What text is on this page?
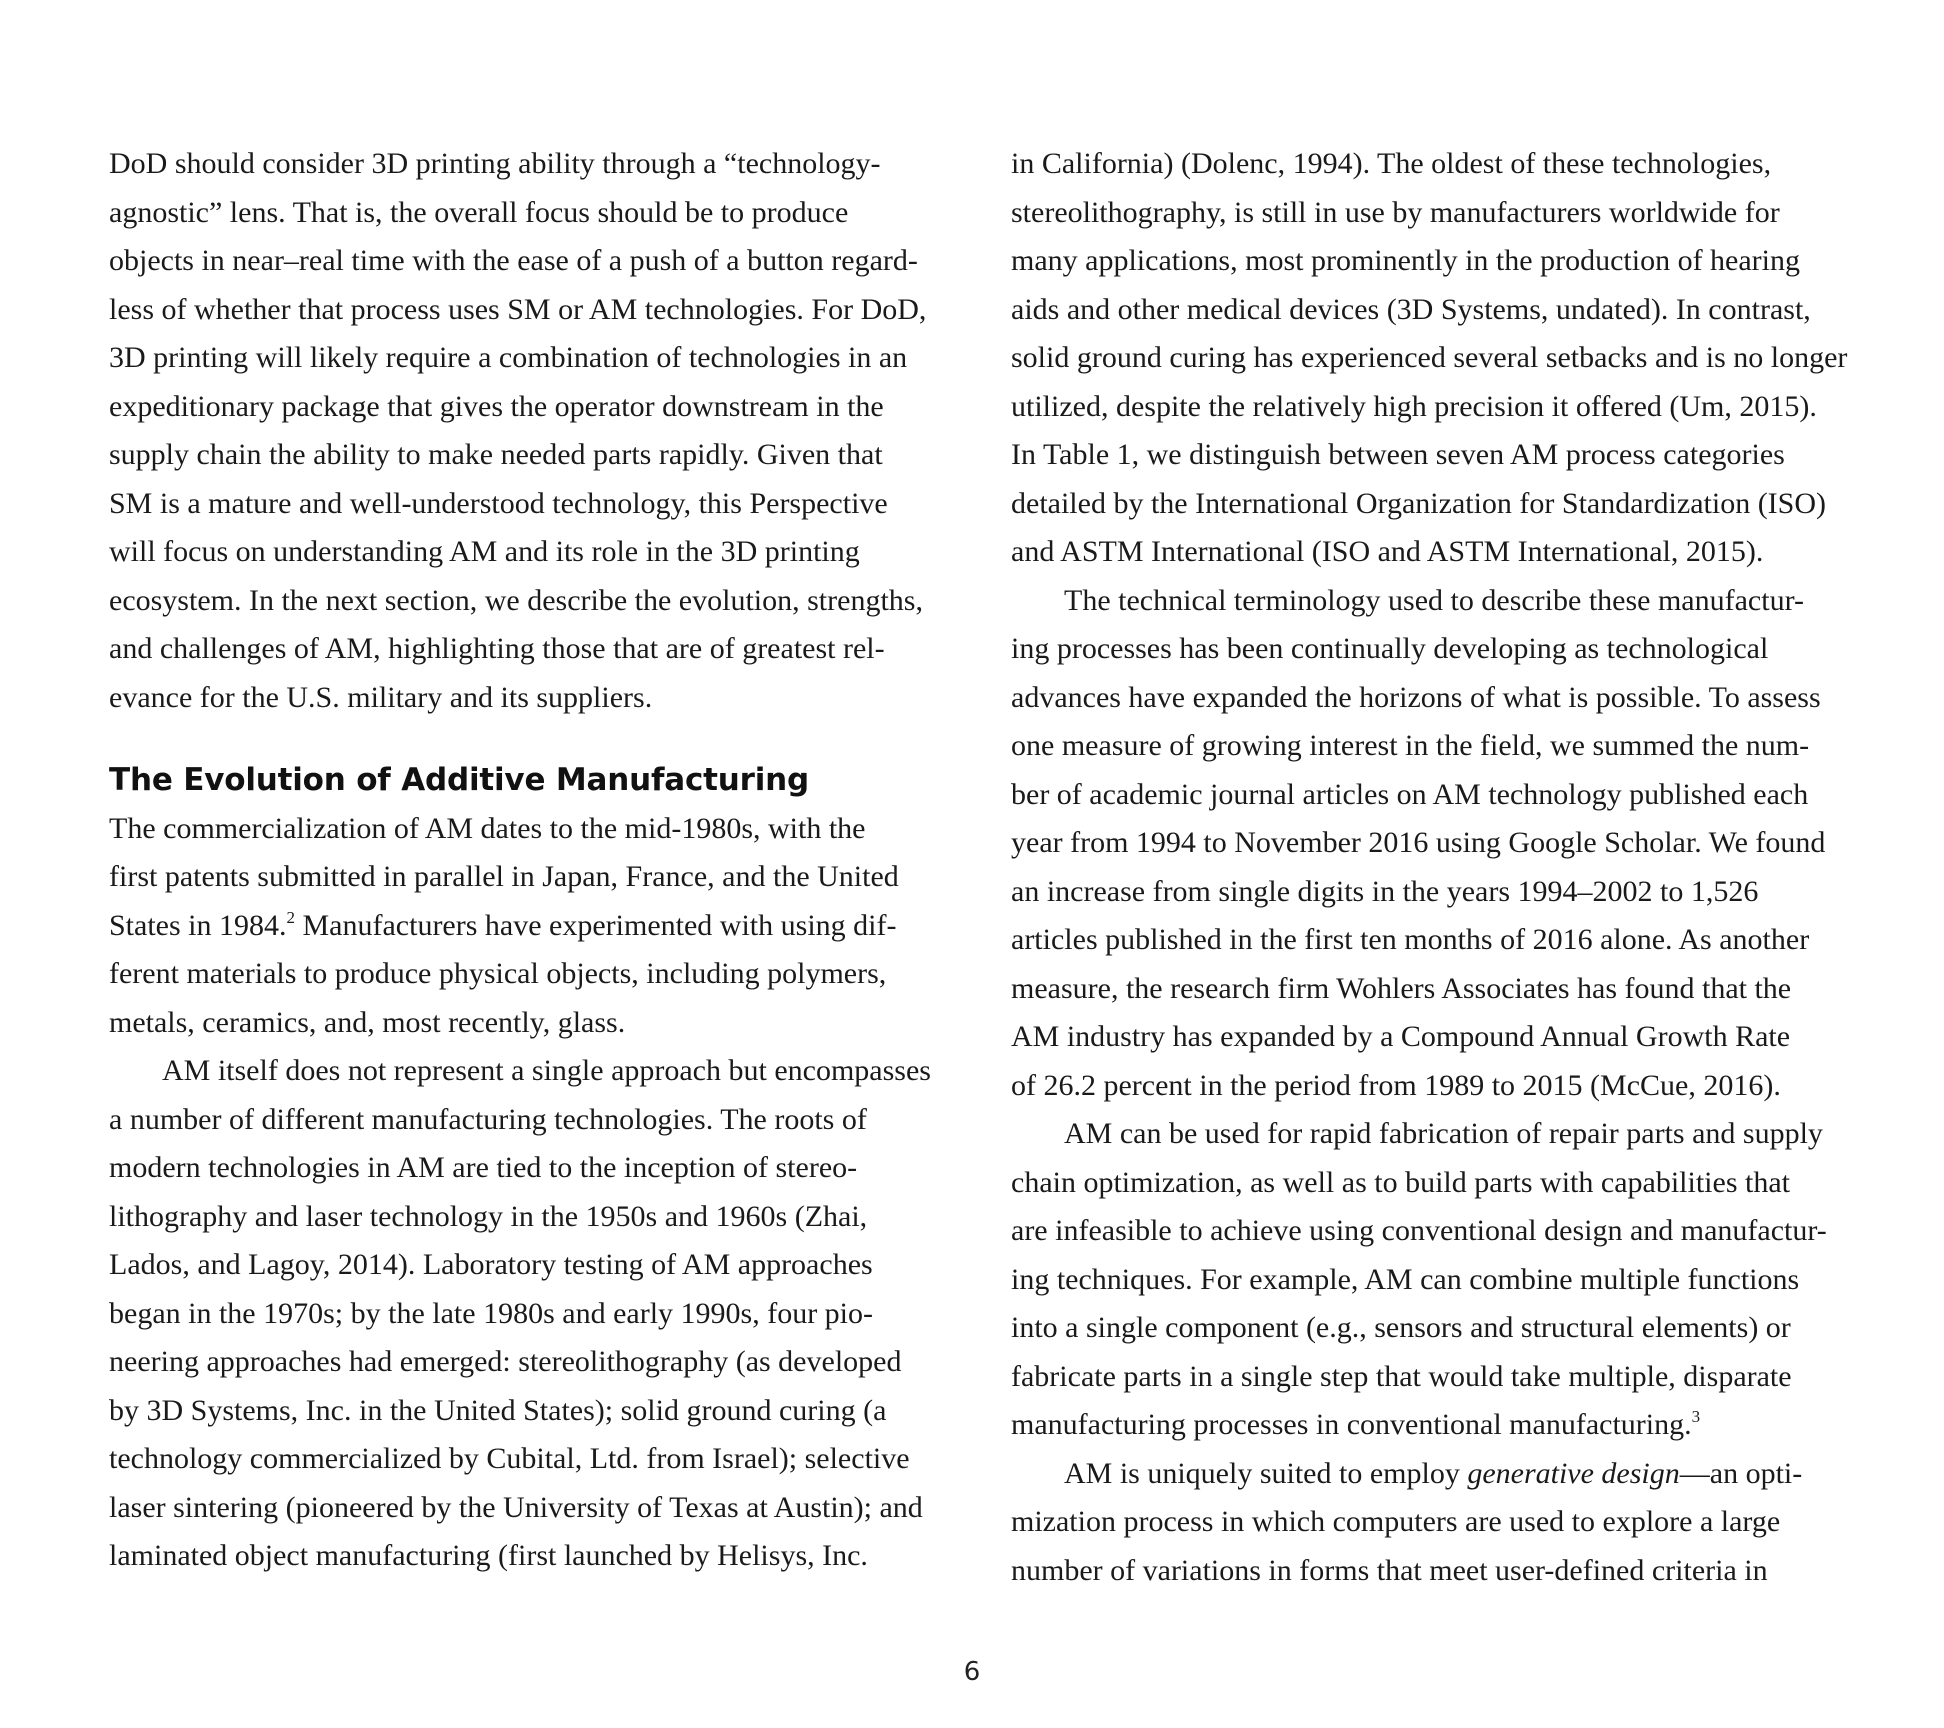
DoD should consider 3D printing ability through a “technology-
agnostic” lens. That is, the overall focus should be to produce
objects in near–real time with the ease of a push of a button regard-
less of whether that process uses SM or AM technologies. For DoD,
3D printing will likely require a combination of technologies in an
expeditionary package that gives the operator downstream in the
supply chain the ability to make needed parts rapidly. Given that
SM is a mature and well-understood technology, this Perspective
will focus on understanding AM and its role in the 3D printing
ecosystem. In the next section, we describe the evolution, strengths,
and challenges of AM, highlighting those that are of greatest rel-
evance for the U.S. military and its suppliers.
The Evolution of Additive Manufacturing
The commercialization of AM dates to the mid-1980s, with the
first patents submitted in parallel in Japan, France, and the United
States in 1984.$^2$ Manufacturers have experimented with using dif-
ferent materials to produce physical objects, including polymers,
metals, ceramics, and, most recently, glass.
AM itself does not represent a single approach but encompasses
a number of different manufacturing technologies. The roots of
modern technologies in AM are tied to the inception of stereo-
lithography and laser technology in the 1950s and 1960s (Zhai,
Lados, and Lagoy, 2014). Laboratory testing of AM approaches
began in the 1970s; by the late 1980s and early 1990s, four pio-
neering approaches had emerged: stereolithography (as developed
by 3D Systems, Inc. in the United States); solid ground curing (a
technology commercialized by Cubital, Ltd. from Israel); selective
laser sintering (pioneered by the University of Texas at Austin); and
laminated object manufacturing (first launched by Helisys, Inc.
in California) (Dolenc, 1994). The oldest of these technologies,
stereolithography, is still in use by manufacturers worldwide for
many applications, most prominently in the production of hearing
aids and other medical devices (3D Systems, undated). In contrast,
solid ground curing has experienced several setbacks and is no longer
utilized, despite the relatively high precision it offered (Um, 2015).
In Table 1, we distinguish between seven AM process categories
detailed by the International Organization for Standardization (ISO)
and ASTM International (ISO and ASTM International, 2015).
The technical terminology used to describe these manufactur-
ing processes has been continually developing as technological
advances have expanded the horizons of what is possible. To assess
one measure of growing interest in the field, we summed the num-
ber of academic journal articles on AM technology published each
year from 1994 to November 2016 using Google Scholar. We found
an increase from single digits in the years 1994–2002 to 1,526
articles published in the first ten months of 2016 alone. As another
measure, the research firm Wohlers Associates has found that the
AM industry has expanded by a Compound Annual Growth Rate
of 26.2 percent in the period from 1989 to 2015 (McCue, 2016).
AM can be used for rapid fabrication of repair parts and supply
chain optimization, as well as to build parts with capabilities that
are infeasible to achieve using conventional design and manufactur-
ing techniques. For example, AM can combine multiple functions
into a single component (e.g., sensors and structural elements) or
fabricate parts in a single step that would take multiple, disparate
manufacturing processes in conventional manufacturing.$^3$
AM is uniquely suited to employ generative design—an opti-
mization process in which computers are used to explore a large
number of variations in forms that meet user-defined criteria in
6
